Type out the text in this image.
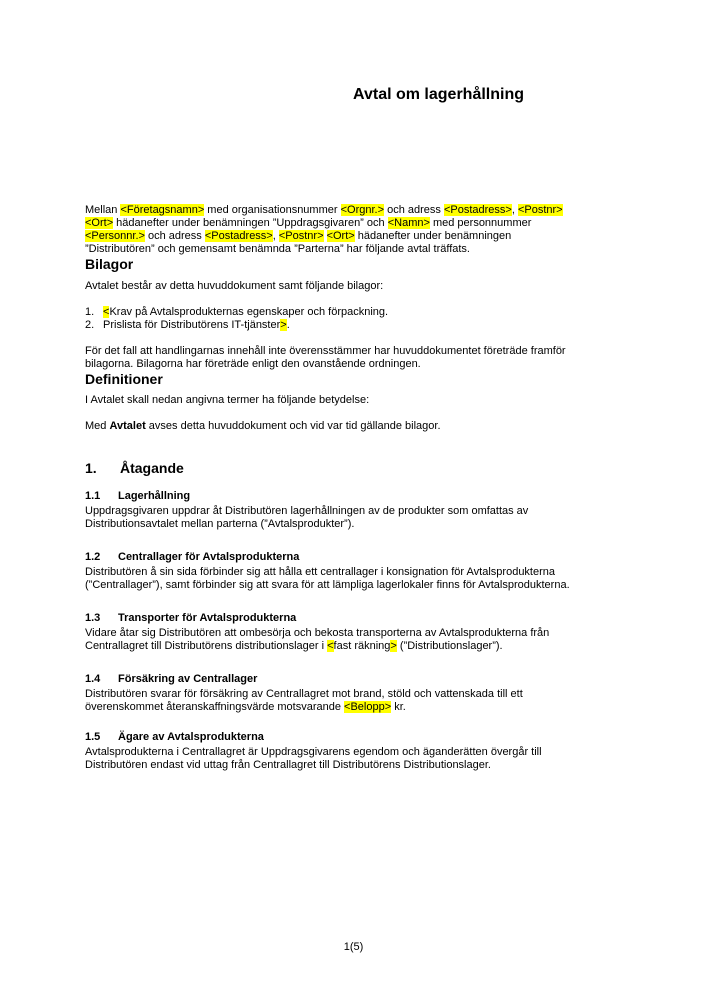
Avtal om lagerhållning

Mellan <Företagsnamn> med organisationsnummer <Orgnr.> och adress <Postadress>, <Postnr>
<Ort> hädanefter under benämningen ”Uppdragsgivaren” och <Namn> med personnummer
<Personnr.> och adress <Postadress>, <Postnr> <Ort> hädanefter under benämningen
”Distributören” och gemensamt benämnda ”Parterna” har följande avtal träffats.

Bilagor

Avtalet består av detta huvuddokument samt följande bilagor:

1. <Krav på Avtalsprodukternas egenskaper och förpackning.
2. Prislista för Distributörens IT-tjänster>.

För det fall att handlingarnas innehåll inte överensstämmer har huvuddokumentet företräde framför
bilagorna. Bilagorna har företräde enligt den ovanstående ordningen.

Definitioner

I Avtalet skall nedan angivna termer ha följande betydelse:

Med Avtalet avses detta huvuddokument och vid var tid gällande bilagor.

1. Åtagande
1.1 Lagerhållning

Uppdragsgivaren uppdrar åt Distributören lagerhållningen av de produkter som omfattas av
Distributionsavtalet mellan parterna (”Avtalsprodukter”).

1.2 Centrallager för Avtalsprodukterna

Distributören å sin sida förbinder sig att hålla ett centrallager i konsignation för Avtalsprodukterna
(”Centrallager”), samt förbinder sig att svara för att lämpliga lagerlokaler finns för Avtalsprodukterna.

1.3 Transporter för Avtalsprodukterna

Vidare åtar sig Distributören att ombesörja och bekosta transporterna av Avtalsprodukterna från
Centrallagret till Distributörens distributionslager i <fast räkning> (”Distributionslager”).

1.4 Försäkring av Centrallager

Distributören svarar för försäkring av Centrallagret mot brand, stöld och vattenskada till ett
överenskommet återanskaffningsvärde motsvarande <Belopp> kr.

1.5 Ägare av Avtalsprodukterna

Avtalsprodukterna i Centrallagret är Uppdragsgivarens egendom och äganderätten övergår till
Distributören endast vid uttag från Centrallagret till Distributörens Distributionslager.

1(5)
